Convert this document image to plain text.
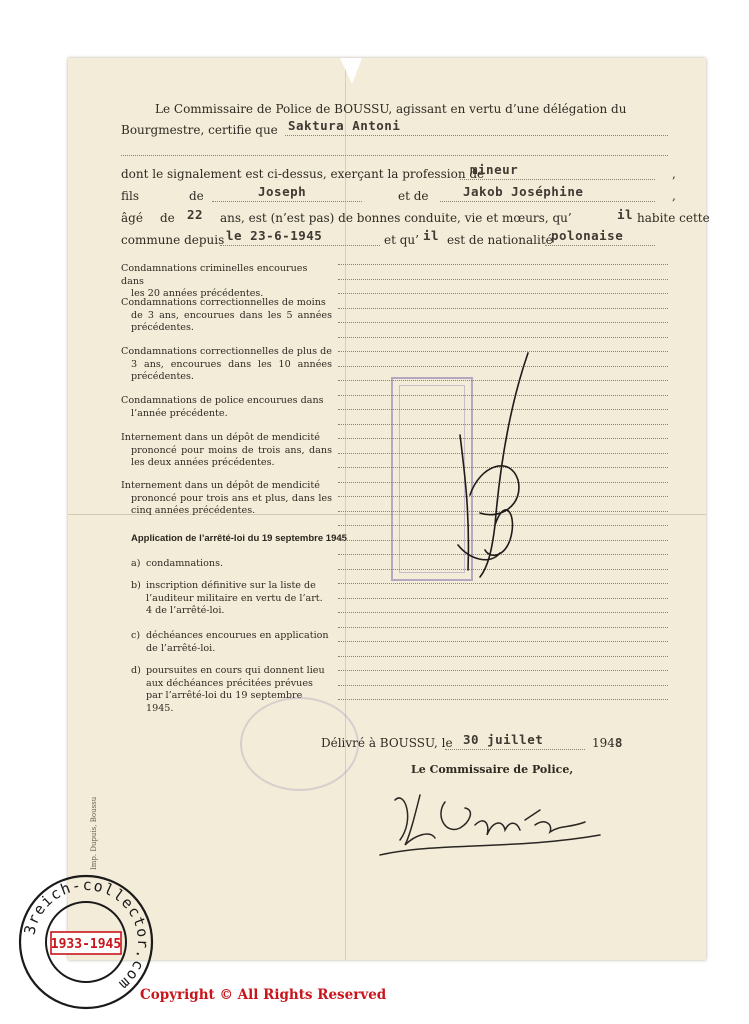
Le Commissaire de Police de BOUSSU, agissant en vertu d’une délégation du
Bourgmestre, certifie que Saktura Antoni
dont le signalement est ci-dessus, exerçant la profession de
mineur	,
fils	de	Joseph	et de	Jakob Joséphine	,
âgé de 22 ans, est (n’est pas) de bonnes conduite, vie et mœurs, qu’	il habite cette
commune depuis le 23-6-1945	et qu’ il est de nationalité
polonaise
Condamnations criminelles encourues dans
les 20 années précédentes.
Condamnations correctionnelles de moins
de 3 ans, encourues dans les 5 années précédentes.
Condamnations correctionnelles de plus de
3 ans, encourues dans les 10 années précédentes.
Condamnations de police encourues dans
l’année précédente.
Internement dans un dépôt de mendicité
prononcé pour moins de trois ans, dans les deux années précédentes.
Internement dans un dépôt de mendicité
prononcé pour trois ans et plus, dans les cinq années précédentes.
Application de l’arrêté-loi du 19 septembre 1945
a) condamnations.
b) inscription définitive sur la liste de l’auditeur militaire en vertu de l’art. 4 de l’arrêté-loi.
c) déchéances encourues en application de l’arrêté-loi.
d) poursuites en cours qui donnent lieu aux déchéances précitées prévues par l’arrêté-loi du 19 septembre 1945.
Délivré à BOUSSU, le 30 juillet	1948
Le Commissaire de Police,
Imp. Dupuis, Boussu
3reich-collector.com
1933-1945
Copyright © All Rights Reserved
